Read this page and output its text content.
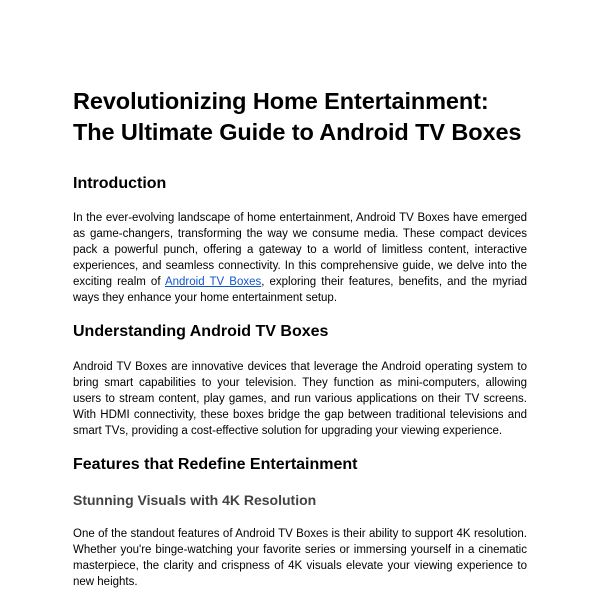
Revolutionizing Home Entertainment: The Ultimate Guide to Android TV Boxes
Introduction

In the ever-evolving landscape of home entertainment, Android TV Boxes have emerged as game-changers, transforming the way we consume media. These compact devices pack a powerful punch, offering a gateway to a world of limitless content, interactive experiences, and seamless connectivity. In this comprehensive guide, we delve into the exciting realm of Android TV Boxes, exploring their features, benefits, and the myriad ways they enhance your home entertainment setup.

Understanding Android TV Boxes

Android TV Boxes are innovative devices that leverage the Android operating system to bring smart capabilities to your television. They function as mini-computers, allowing users to stream content, play games, and run various applications on their TV screens. With HDMI connectivity, these boxes bridge the gap between traditional televisions and smart TVs, providing a cost-effective solution for upgrading your viewing experience.

Features that Redefine Entertainment
Stunning Visuals with 4K Resolution

One of the standout features of Android TV Boxes is their ability to support 4K resolution. Whether you're binge-watching your favorite series or immersing yourself in a cinematic masterpiece, the clarity and crispness of 4K visuals elevate your viewing experience to new heights.
